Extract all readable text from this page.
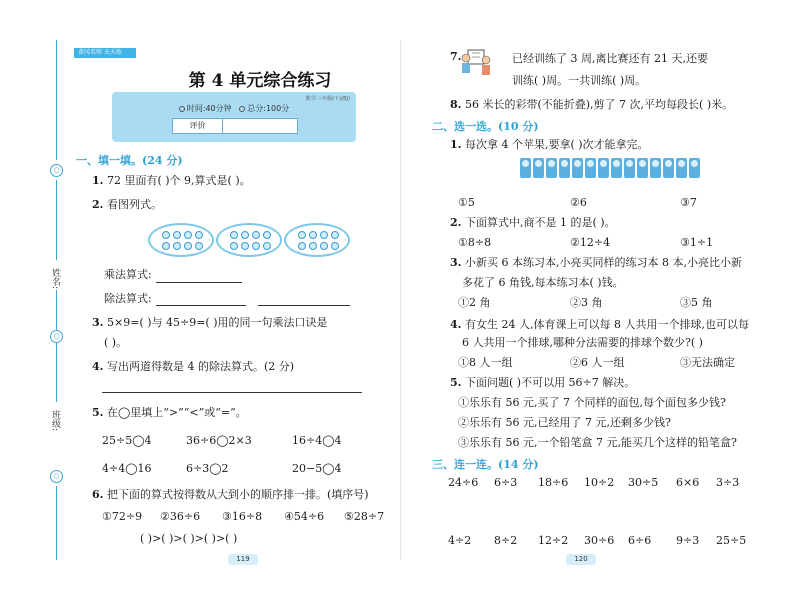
黄冈名师 天天练
○
姓名:
○
班级:
○
第 4 单元综合练习
数学·三年级(下)(BJ)
时间:40分钟 总分:100分
评价
一、填一填。(24 分)
1. 72 里面有( )个 9,算式是( )。
2. 看图列式。
乘法算式:
除法算式:
3. 5×9=( )与 45÷9=( )用的同一句乘法口诀是
( )。
4. 写出两道得数是 4 的除法算式。(2 分)
5. 在◯里填上“>”“<”或“=”。
25÷5◯4	36÷6◯2×3	16÷4◯4
4÷4◯16	6÷3◯2	20−5◯4
6. 把下面的算式按得数从大到小的顺序排一排。(填序号)
①72÷9 ②36÷6 ③16÷8 ④54÷6 ⑤28÷7
( )>( )>( )>( )>( )
119
7.	已经训练了 3 周,离比赛还有 21 天,还要
训练( )周。一共训练( )周。
8. 56 米长的彩带(不能折叠),剪了 7 次,平均每段长( )米。
二、选一选。(10 分)
1. 每次拿 4 个苹果,要拿( )次才能拿完。
①5	②6	③7
2. 下面算式中,商不是 1 的是( )。
①8÷8	②12÷4	③1÷1
3. 小新买 6 本练习本,小亮买同样的练习本 8 本,小亮比小新
多花了 6 角钱,每本练习本( )钱。
①2 角	②3 角	③5 角
4. 有女生 24 人,体育课上可以每 8 人共用一个排球,也可以每
6 人共用一个排球,哪种分法需要的排球个数少?( )
①8 人一组	②6 人一组	③无法确定
5. 下面问题( )不可以用 56÷7 解决。
①乐乐有 56 元,买了 7 个同样的面包,每个面包多少钱?
②乐乐有 56 元,已经用了 7 元,还剩多少钱?
③乐乐有 56 元,一个铅笔盒 7 元,能买几个这样的铅笔盒?
三、连一连。(14 分)
24÷6 6÷3 18÷6 10÷2 30÷5 6×6 3÷3
4÷2 8÷2 12÷2 30÷6 6÷6 9÷3 25÷5
120
